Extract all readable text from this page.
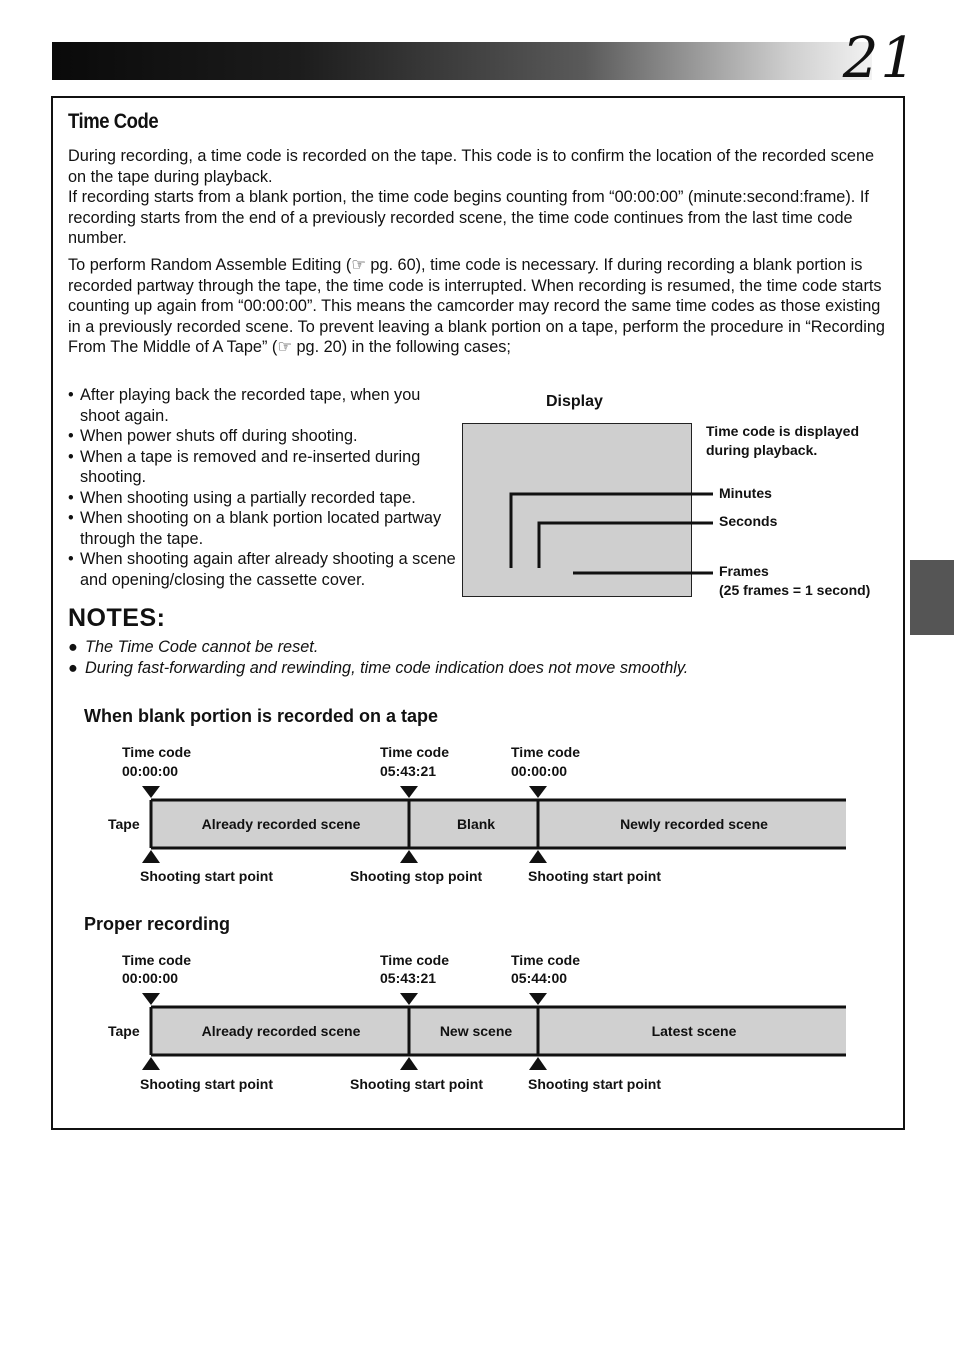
21
Time Code

During recording, a time code is recorded on the tape. This code is to confirm the location of the recorded scene on the tape during playback.
If recording starts from a blank portion, the time code begins counting from “00:00:00” (minute:second:frame). If recording starts from the end of a previously recorded scene, the time code continues from the last time code number.

To perform Random Assemble Editing (☞ pg. 60), time code is necessary. If during recording a blank portion is recorded partway through the tape, the time code is interrupted. When recording is resumed, the time code starts counting up again from “00:00:00”. This means the camcorder may record the same time codes as those existing in a previously recorded scene. To prevent leaving a blank portion on a tape, perform the procedure in “Recording From The Middle of A Tape” (☞ pg. 20) in the following cases;

• After playing back the recorded tape, when you shoot again.
• When power shuts off during shooting.
• When a tape is removed and re-inserted during shooting.
• When shooting using a partially recorded tape.
• When shooting on a blank portion located partway through the tape.
• When shooting again after already shooting a scene and opening/closing the cassette cover.
Display
Time code is displayed
during playback.
Minutes
Seconds
Frames
(25 frames = 1 second)
NOTES:
● The Time Code cannot be reset.
● During fast-forwarding and rewinding, time code indication does not move smoothly.
When blank portion is recorded on a tape
Time code
00:00:00
Time code
05:43:21
Time code
00:00:00
Tape	Already recorded scene	Blank	Newly recorded scene
Shooting start point	Shooting stop point	Shooting start point
Proper recording
Time code
00:00:00
Time code
05:43:21
Time code
05:44:00
Tape	Already recorded scene	New scene	Latest scene
Shooting start point	Shooting start point	Shooting start point
